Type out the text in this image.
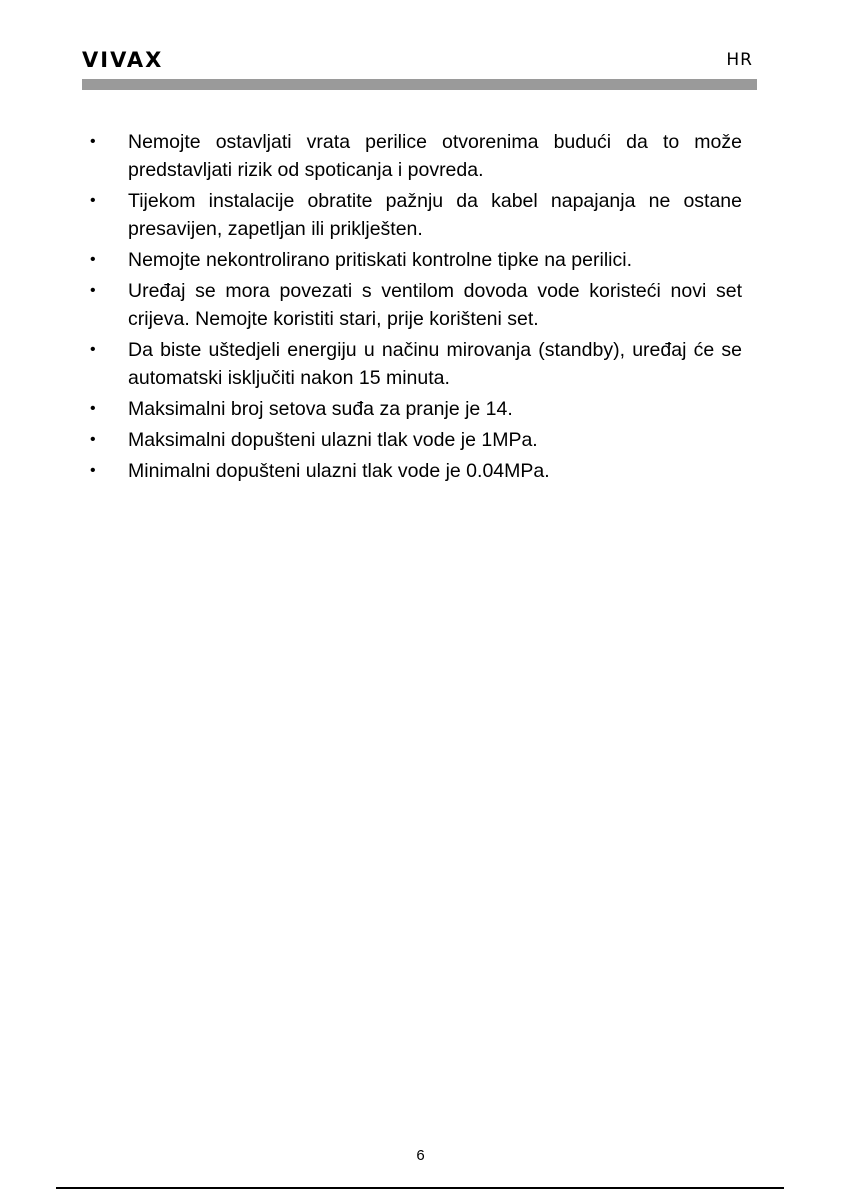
VIVAX	HR
• Nemojte ostavljati vrata perilice otvorenima budući da to može predstavljati rizik od spoticanja i povreda.
• Tijekom instalacije obratite pažnju da kabel napajanja ne ostane presavijen, zapetljan ili priklješten.
• Nemojte nekontrolirano pritiskati kontrolne tipke na perilici.
• Uređaj se mora povezati s ventilom dovoda vode koristeći novi set crijeva. Nemojte koristiti stari, prije korišteni set.
• Da biste uštedjeli energiju u načinu mirovanja (standby), uređaj će se automatski isključiti nakon 15 minuta.
• Maksimalni broj setova suđa za pranje je 14.
• Maksimalni dopušteni ulazni tlak vode je 1MPa.
• Minimalni dopušteni ulazni tlak vode je 0.04MPa.
6
